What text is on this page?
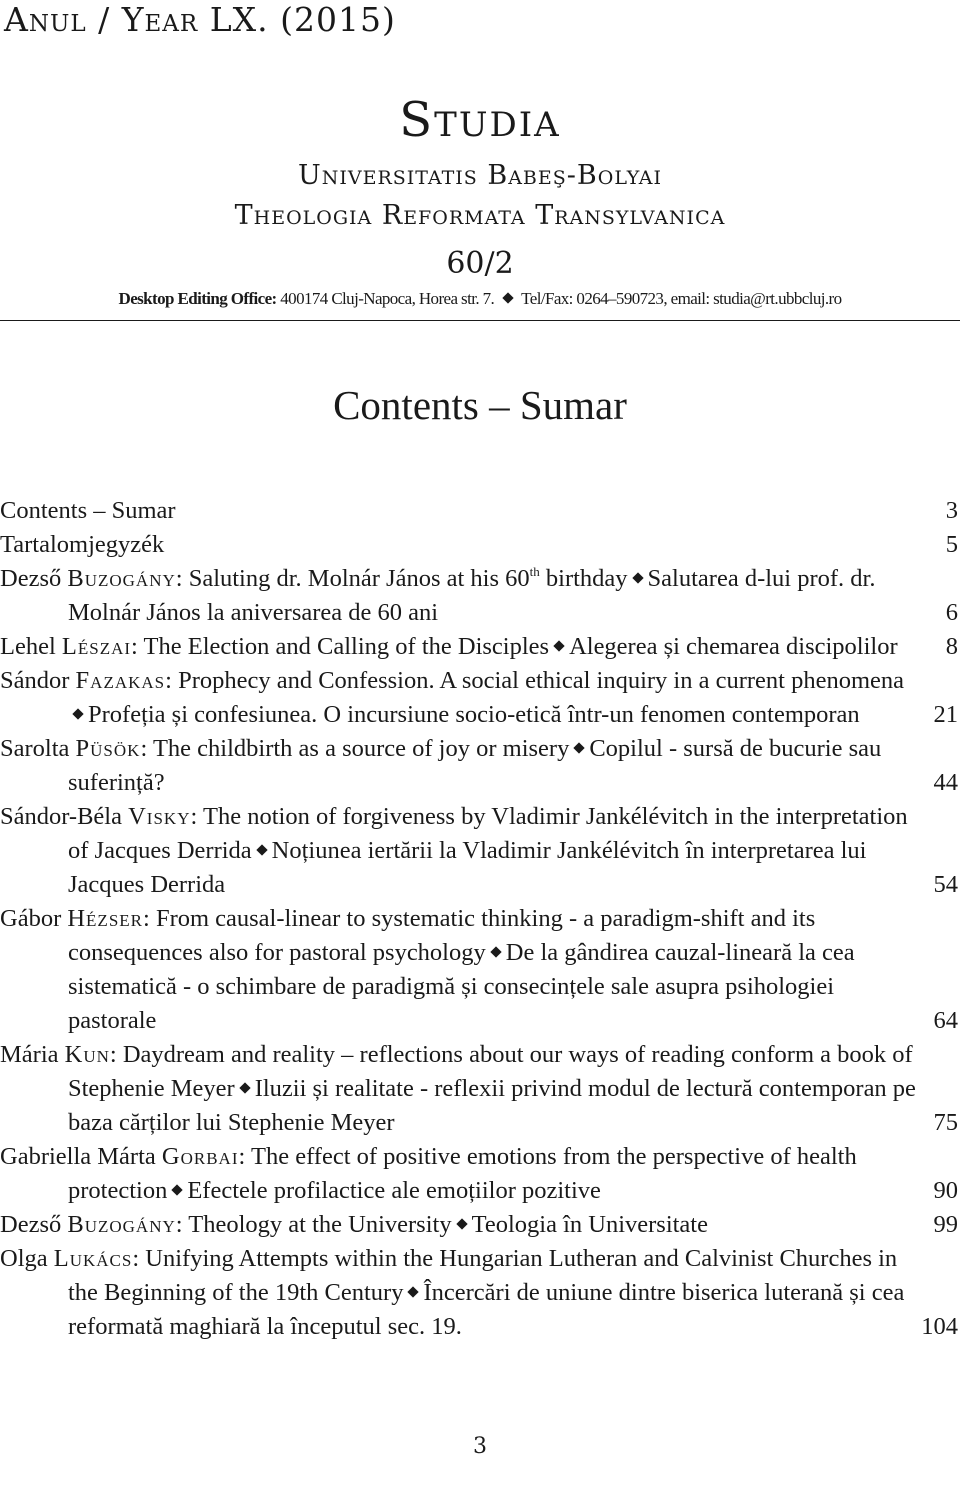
Anul / Year LX. (2015)
Studia
Universitatis Babeş-Bolyai
Theologia Reformata Transylvanica
60/2
Desktop Editing Office: 400174 Cluj-Napoca, Horea str. 7. Tel/Fax: 0264–590723, email: studia@rt.ubbcluj.ro
Contents – Sumar
Contents – Sumar	3
Tartalomjegyzék	5
Dezső Buzogány: Saluting dr. Molnár János at his 60th birthday Salutarea d-lui prof. dr. Molnár János la aniversarea de 60 ani	6
Lehel Lészai: The Election and Calling of the Disciples Alegerea și chemarea discipolilor	8
Sándor Fazakas: Prophecy and Confession. A social ethical inquiry in a current phenomenaProfeția și confesiunea. O incursiune socio-etică într-un fenomen contemporan	21
Sarolta Püsök: The childbirth as a source of joy or misery Copilul - sursă de bucurie sau suferință?	44
Sándor-Béla Visky: The notion of forgiveness by Vladimir Jankélévitch in the interpretation of Jacques Derrida Noțiunea iertării la Vladimir Jankélévitch în interpretarea lui Jacques Derrida	54
Gábor Hézser: From causal-linear to systematic thinking - a paradigm-shift and its consequences also for pastoral psychology De la gândirea cauzal-lineară la cea sistematică - o schimbare de paradigmă și consecințele sale asupra psihologiei pastorale	64
Mária Kun: Daydream and reality – reflections about our ways of reading conform a book of Stephenie Meyer Iluzii și realitate - reflexii privind modul de lectură contemporan pe baza cărților lui Stephenie Meyer	75
Gabriella Márta Gorbai: The effect of positive emotions from the perspective of health protection Efectele profilactice ale emoțiilor pozitive	90
Dezső Buzogány: Theology at the University Teologia în Universitate	99
Olga Lukács: Unifying Attempts within the Hungarian Lutheran and Calvinist Churches in the Beginning of the 19th Century Încercări de uniune dintre biserica luterană și cea reformată maghiară la începutul sec. 19.	104
3
